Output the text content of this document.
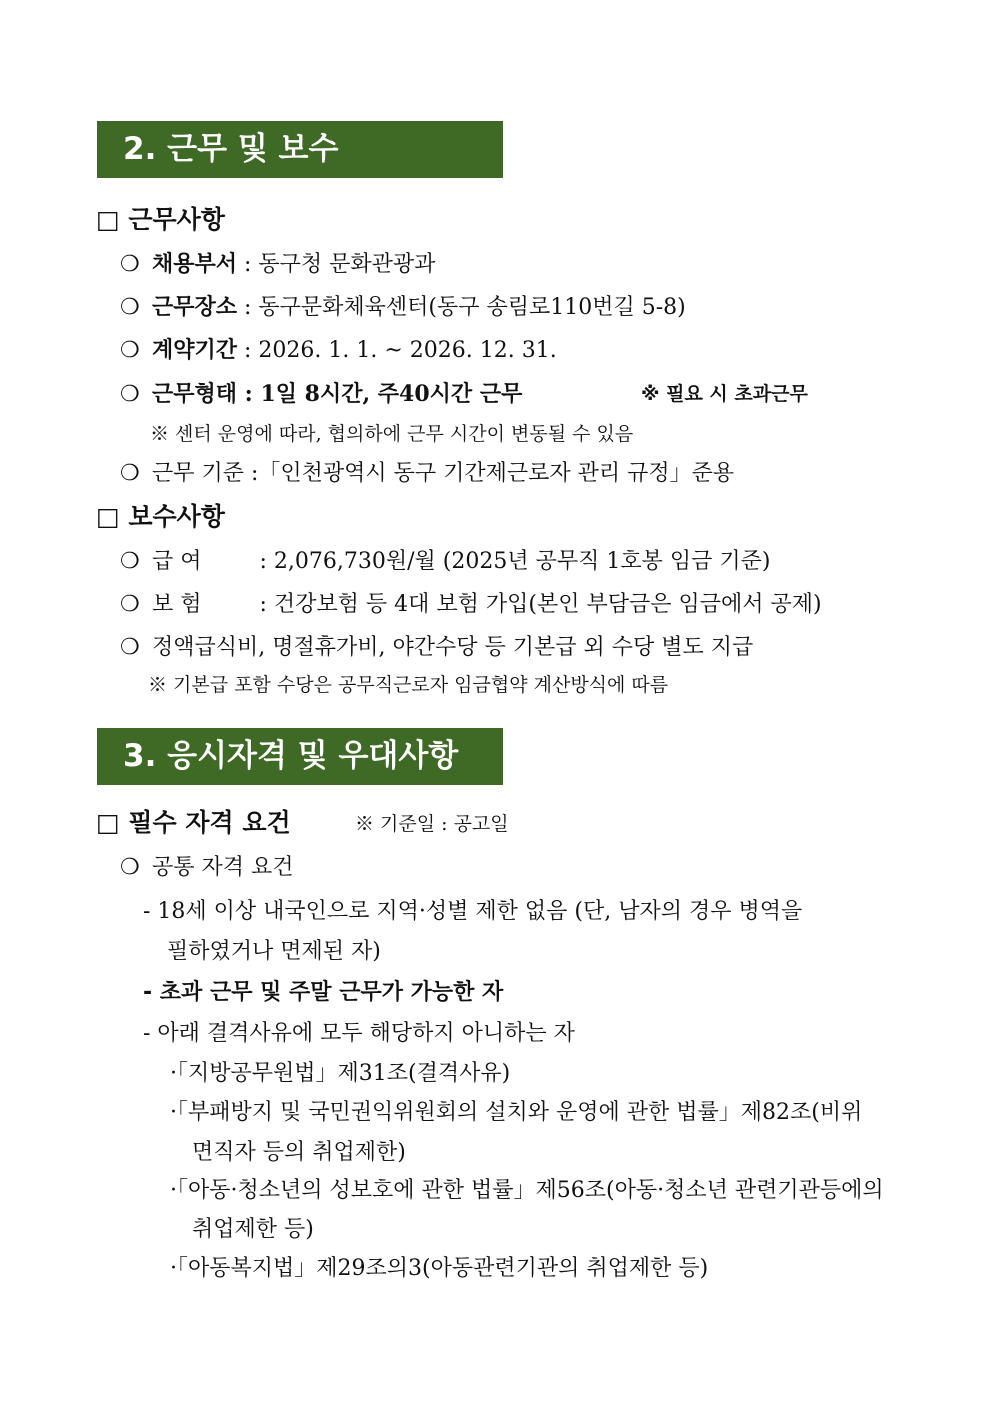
2. 근무 및 보수
□ 근무사항
❍ 채용부서 : 동구청 문화관광과
❍ 근무장소 : 동구문화체육센터(동구 송림로110번길 5-8)
❍ 계약기간 : 2026. 1. 1. ~ 2026. 12. 31.
❍ 근무형태 : 1일 8시간, 주40시간 근무	※ 필요 시 초과근무
※ 센터 운영에 따라, 협의하에 근무 시간이 변동될 수 있음
❍ 근무 기준 :「인천광역시 동구 기간제근로자 관리 규정」준용
□ 보수사항
❍ 급 여	: 2,076,730원/월 (2025년 공무직 1호봉 임금 기준)
❍ 보 험	: 건강보험 등 4대 보험 가입(본인 부담금은 임금에서 공제)
❍ 정액급식비, 명절휴가비, 야간수당 등 기본급 외 수당 별도 지급
※ 기본급 포함 수당은 공무직근로자 임금협약 계산방식에 따름
3. 응시자격 및 우대사항
□ 필수 자격 요건	※ 기준일 : 공고일
❍ 공통 자격 요건
- 18세 이상 내국인으로 지역·성별 제한 없음 (단, 남자의 경우 병역을
필하였거나 면제된 자)
- 초과 근무 및 주말 근무가 가능한 자
- 아래 결격사유에 모두 해당하지 아니하는 자
·「지방공무원법」제31조(결격사유)
·「부패방지 및 국민권익위원회의 설치와 운영에 관한 법률」제82조(비위
면직자 등의 취업제한)
·「아동·청소년의 성보호에 관한 법률」제56조(아동·청소년 관련기관등에의
취업제한 등)
·「아동복지법」제29조의3(아동관련기관의 취업제한 등)
